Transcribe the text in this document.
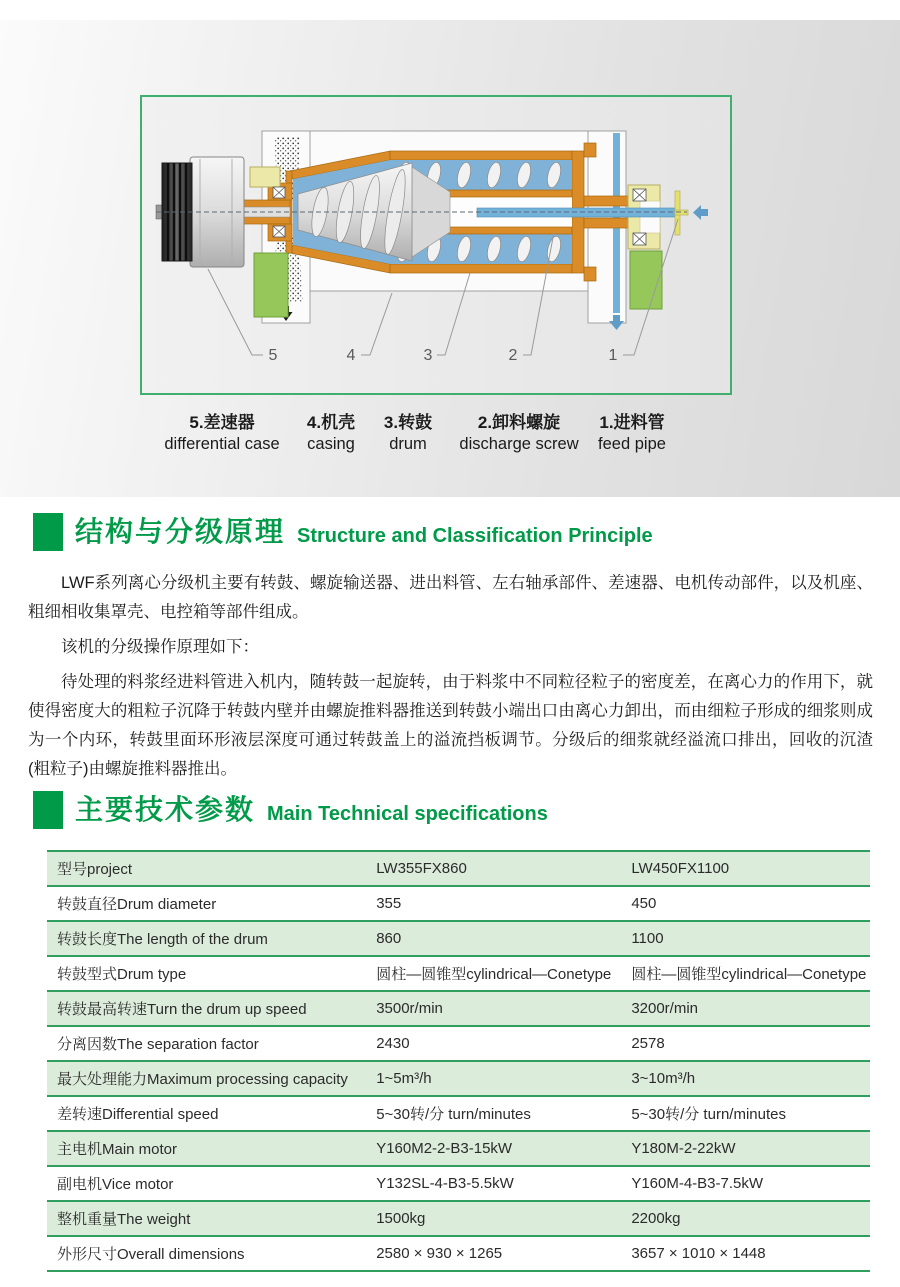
5	4	3	2	1
5.差速器
differential case
4.机壳
casing
3.转鼓
drum
2.卸料螺旋
discharge screw
1.进料管
feed pipe
结构与分级原理 Structure and Classification Principle

LWF系列离心分级机主要有转鼓、螺旋输送器、进出料管、左右轴承部件、差速器、电机传动部件，以及机座、粗细相收集罩壳、电控箱等部件组成。

该机的分级操作原理如下：

待处理的料浆经进料管进入机内，随转鼓一起旋转，由于料浆中不同粒径粒子的密度差，在离心力的作用下，就使得密度大的粗粒子沉降于转鼓内壁并由螺旋推料器推送到转鼓小端出口由离心力卸出，而由细粒子形成的细浆则成为一个内环，转鼓里面环形液层深度可通过转鼓盖上的溢流挡板调节。分级后的细浆就经溢流口排出，回收的沉渣(粗粒子)由螺旋推料器推出。

主要技术参数 Main Technical specifications
型号project	LW355FX860	LW450FX1100
转鼓直径Drum diameter	355	450
转鼓长度The length of the drum	860	1100
转鼓型式Drum type	圆柱—圆锥型cylindrical—Conetype	圆柱—圆锥型cylindrical—Conetype
转鼓最高转速Turn the drum up speed	3500r/min	3200r/min
分离因数The separation factor	2430	2578
最大处理能力Maximum processing capacity	1~5m³/h	3~10m³/h
差转速Differential speed	5~30转/分 turn/minutes	5~30转/分 turn/minutes
主电机Main motor	Y160M2-2-B3-15kW	Y180M-2-22kW
副电机Vice motor	Y132SL-4-B3-5.5kW	Y160M-4-B3-7.5kW
整机重量The weight	1500kg	2200kg
外形尺寸Overall dimensions	2580 × 930 × 1265	3657 × 1010 × 1448
